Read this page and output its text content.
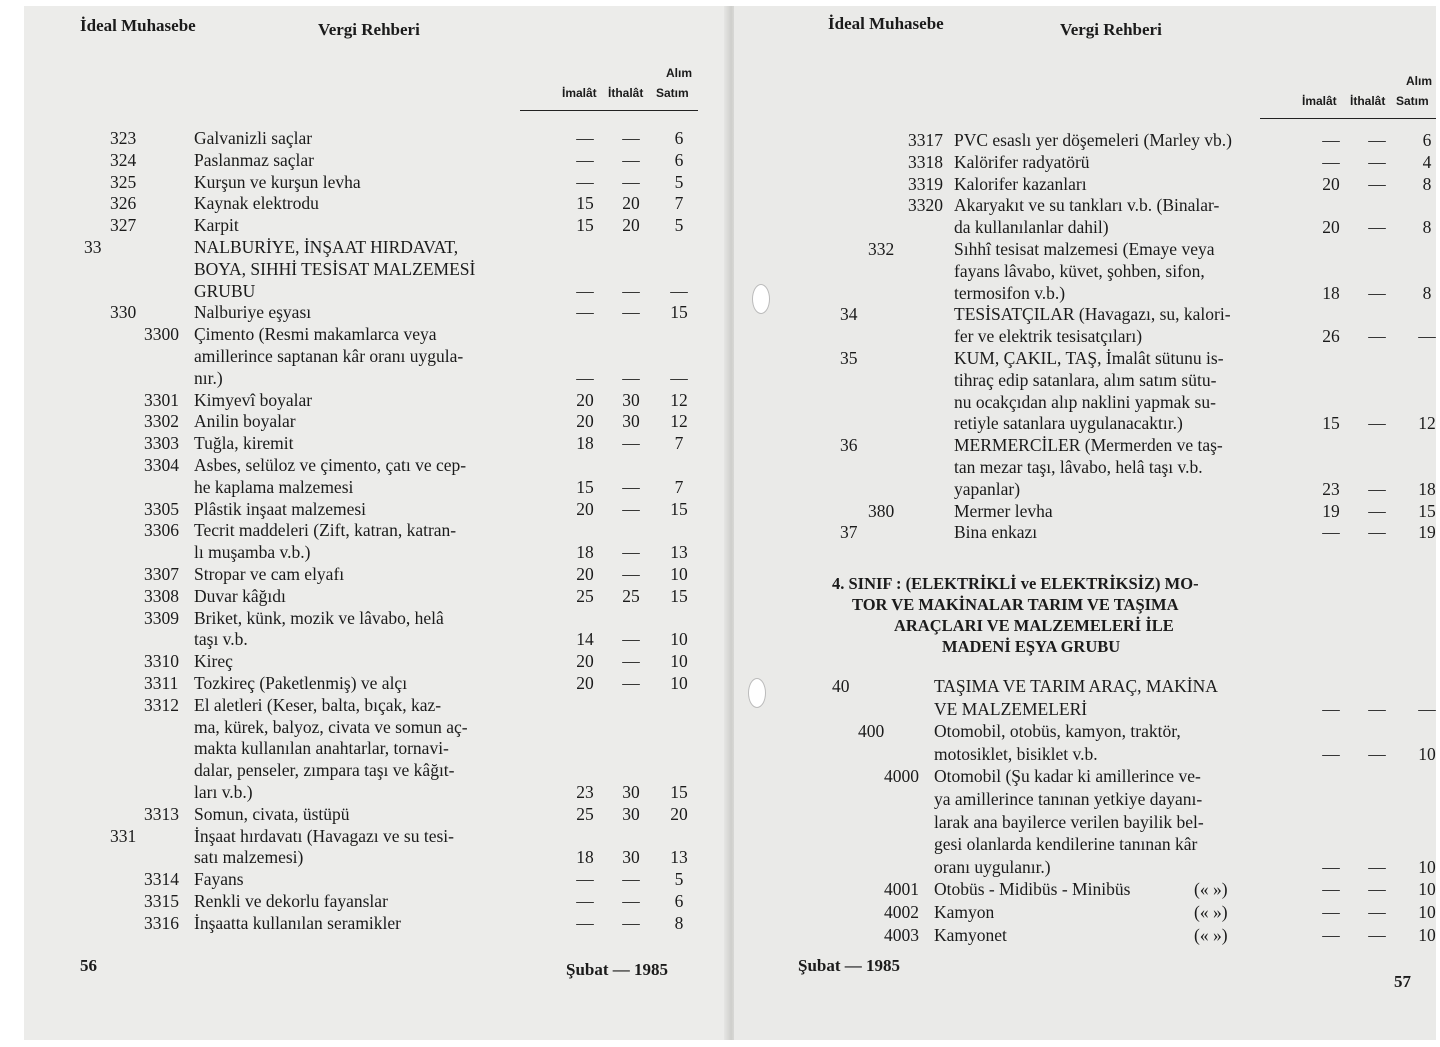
İdeal Muhasebe	Vergi Rehberi
Alım
İmalât İthalât Satım
323	Galvanizli saçlar	—	—	6
324	Paslanmaz saçlar	—	—	6
325	Kurşun ve kurşun levha	—	—	5
326	Kaynak elektrodu	15	20	7
327	Karpit	15	20	5
33	NALBURİYE, İNŞAAT HIRDAVAT,
BOYA, SIHHİ TESİSAT MALZEMESİ
GRUBU	—	—	—
330	Nalburiye eşyası	—	—	15
3300 Çimento (Resmi makamlarca veya
amillerince saptanan kâr oranı uygula-
nır.)	—	—	—
3301 Kimyevî boyalar	20	30	12
3302 Anilin boyalar	20	30	12
3303 Tuğla, kiremit	18	—	7
3304 Asbes, selüloz ve çimento, çatı ve cep-
he kaplama malzemesi	15	—	7
3305 Plâstik inşaat malzemesi	20	—	15
3306 Tecrit maddeleri (Zift, katran, katran-
lı muşamba v.b.)	18	—	13
3307 Stropar ve cam elyafı	20	—	10
3308 Duvar kâğıdı	25	25	15
3309 Briket, künk, mozik ve lâvabo, helâ
taşı v.b.	14	—	10
3310 Kireç	20	—	10
3311 Tozkireç (Paketlenmiş) ve alçı	20	—	10
3312 El aletleri (Keser, balta, bıçak, kaz-
ma, kürek, balyoz, civata ve somun aç-
makta kullanılan anahtarlar, tornavi-
dalar, penseler, zımpara taşı ve kâğıt-
ları v.b.)	23	30	15
3313 Somun, civata, üstüpü	25	30	20
331	İnşaat hırdavatı (Havagazı ve su tesi-
satı malzemesi)	18	30	13
3314 Fayans	—	—	5
3315 Renkli ve dekorlu fayanslar	—	—	6
3316 İnşaatta kullanılan seramikler	—	—	8
56	Şubat — 1985
İdeal Muhasebe	Vergi Rehberi
Alım
İmalât İthalât Satım
3317 PVC esaslı yer döşemeleri (Marley vb.)	—	—	6
3318 Kalörifer radyatörü	—	—	4
3319 Kalorifer kazanları	20	—	8
3320 Akaryakıt ve su tankları v.b. (Binalar-
da kullanılanlar dahil)	20	—	8
332	Sıhhî tesisat malzemesi (Emaye veya
fayans lâvabo, küvet, şohben, sifon,
termosifon v.b.)	18	—	8
34	TESİSATÇILAR (Havagazı, su, kalori-
fer ve elektrik tesisatçıları)	26	—	—
35	KUM, ÇAKIL, TAŞ, İmalât sütunu is-
tihraç edip satanlara, alım satım sütu-
nu ocakçıdan alıp naklini yapmak su-
retiyle satanlara uygulanacaktır.)	15	—	12
36	MERMERCİLER (Mermerden ve taş-
tan mezar taşı, lâvabo, helâ taşı v.b.
yapanlar)	23	—	18
380	Mermer levha	19	—	15
37	Bina enkazı	—	—	19
4. SINIF : (ELEKTRİKLİ ve ELEKTRİKSİZ) MO-
TOR VE MAKİNALAR TARIM VE TAŞIMA
ARAÇLARI VE MALZEMELERİ İLE
MADENİ EŞYA GRUBU
40	TAŞIMA VE TARIM ARAÇ, MAKİNA
VE MALZEMELERİ	—	—	—
400	Otomobil, otobüs, kamyon, traktör,
motosiklet, bisiklet v.b.	—	—	10
4000 Otomobil (Şu kadar ki amillerince ve-
ya amillerince tanınan yetkiye dayanı-
larak ana bayilerce verilen bayilik bel-
gesi olanlarda kendilerine tanınan kâr
oranı uygulanır.)	—	—	10
4001 Otobüs - Midibüs - Minibüs	(« »)	—	—	10
4002 Kamyon	(« »)	—	—	10
4003 Kamyonet	(« »)	—	—	10
Şubat — 1985
57
